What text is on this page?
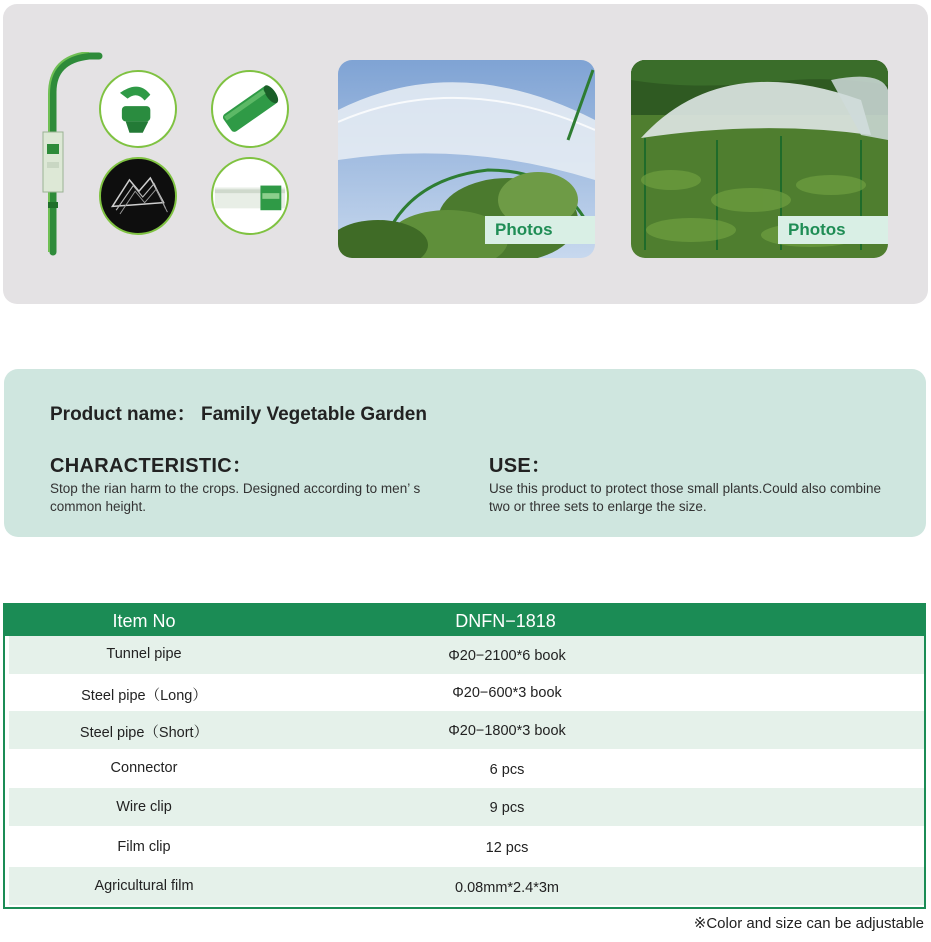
Photos	Photos
Product name： Family Vegetable Garden
CHARACTERISTIC：
Stop the rian harm to the crops. Designed according to men’ s common height.
USE：
Use this product to protect those small plants.Could also combine two or three sets to enlarge the size.
Item No	DNFN−1818
Tunnel pipe	Φ20−2100*6 book
Steel pipe（Long）	Φ20−600*3 book
Steel pipe（Short）	Φ20−1800*3 book
Connector	6 pcs
Wire clip	9 pcs
Film clip	12 pcs
Agricultural film	0.08mm*2.4*3m
※Color and size can be adjustable
